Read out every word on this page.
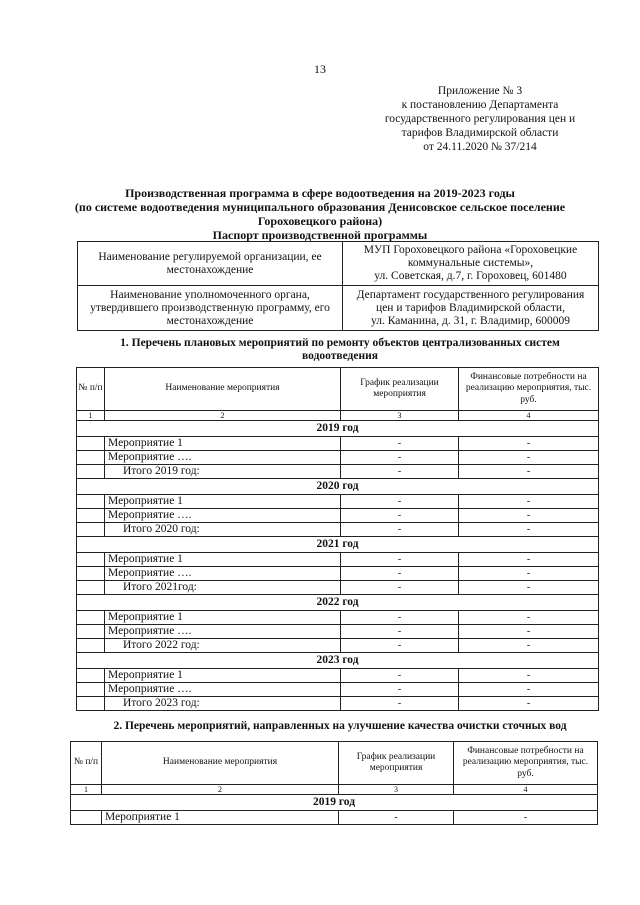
13
Приложение № 3
к постановлению Департамента
государственного регулирования цен и
тарифов Владимирской области
от 24.11.2020 № 37/214
Производственная программа в сфере водоотведения на 2019-2023 годы
(по системе водоотведения муниципального образования Денисовское сельское поселение
Гороховецкого района)
Паспорт производственной программы
Наименование регулируемой организации, ее местонахождение	МУП Гороховецкого района «Гороховецкие коммунальные системы»,
ул. Советская, д.7, г. Гороховец, 601480

Наименование уполномоченного органа, утвердившего производственную программу, его местонахождение	Департамент государственного регулирования цен и тарифов Владимирской области,
ул. Каманина, д. 31, г. Владимир, 600009
1. Перечень плановых мероприятий по ремонту объектов централизованных систем
водоотведения
№ п/п	Наименование мероприятия	График реализации мероприятия	Финансовые потребности на реализацию мероприятия, тыс. руб.
1	2	3	4
2019 год			
	Мероприятие 1	-	-
	Мероприятие ….	-	-
	Итого 2019 год:	-	-
2020 год			
	Мероприятие 1	-	-
	Мероприятие ….	-	-
	Итого 2020 год:	-	-
2021 год			
	Мероприятие 1	-	-
	Мероприятие ….	-	-
	Итого 2021год:	-	-
2022 год			
	Мероприятие 1	-	-
	Мероприятие ….	-	-
	Итого 2022 год:	-	-
2023 год			
	Мероприятие 1	-	-
	Мероприятие ….	-	-
	Итого 2023 год:	-	-
2. Перечень мероприятий, направленных на улучшение качества очистки сточных вод
№ п/п	Наименование мероприятия	График реализации мероприятия	Финансовые потребности на реализацию мероприятия, тыс. руб.
1	2	3	4
2019 год			
	Мероприятие 1	-	-
